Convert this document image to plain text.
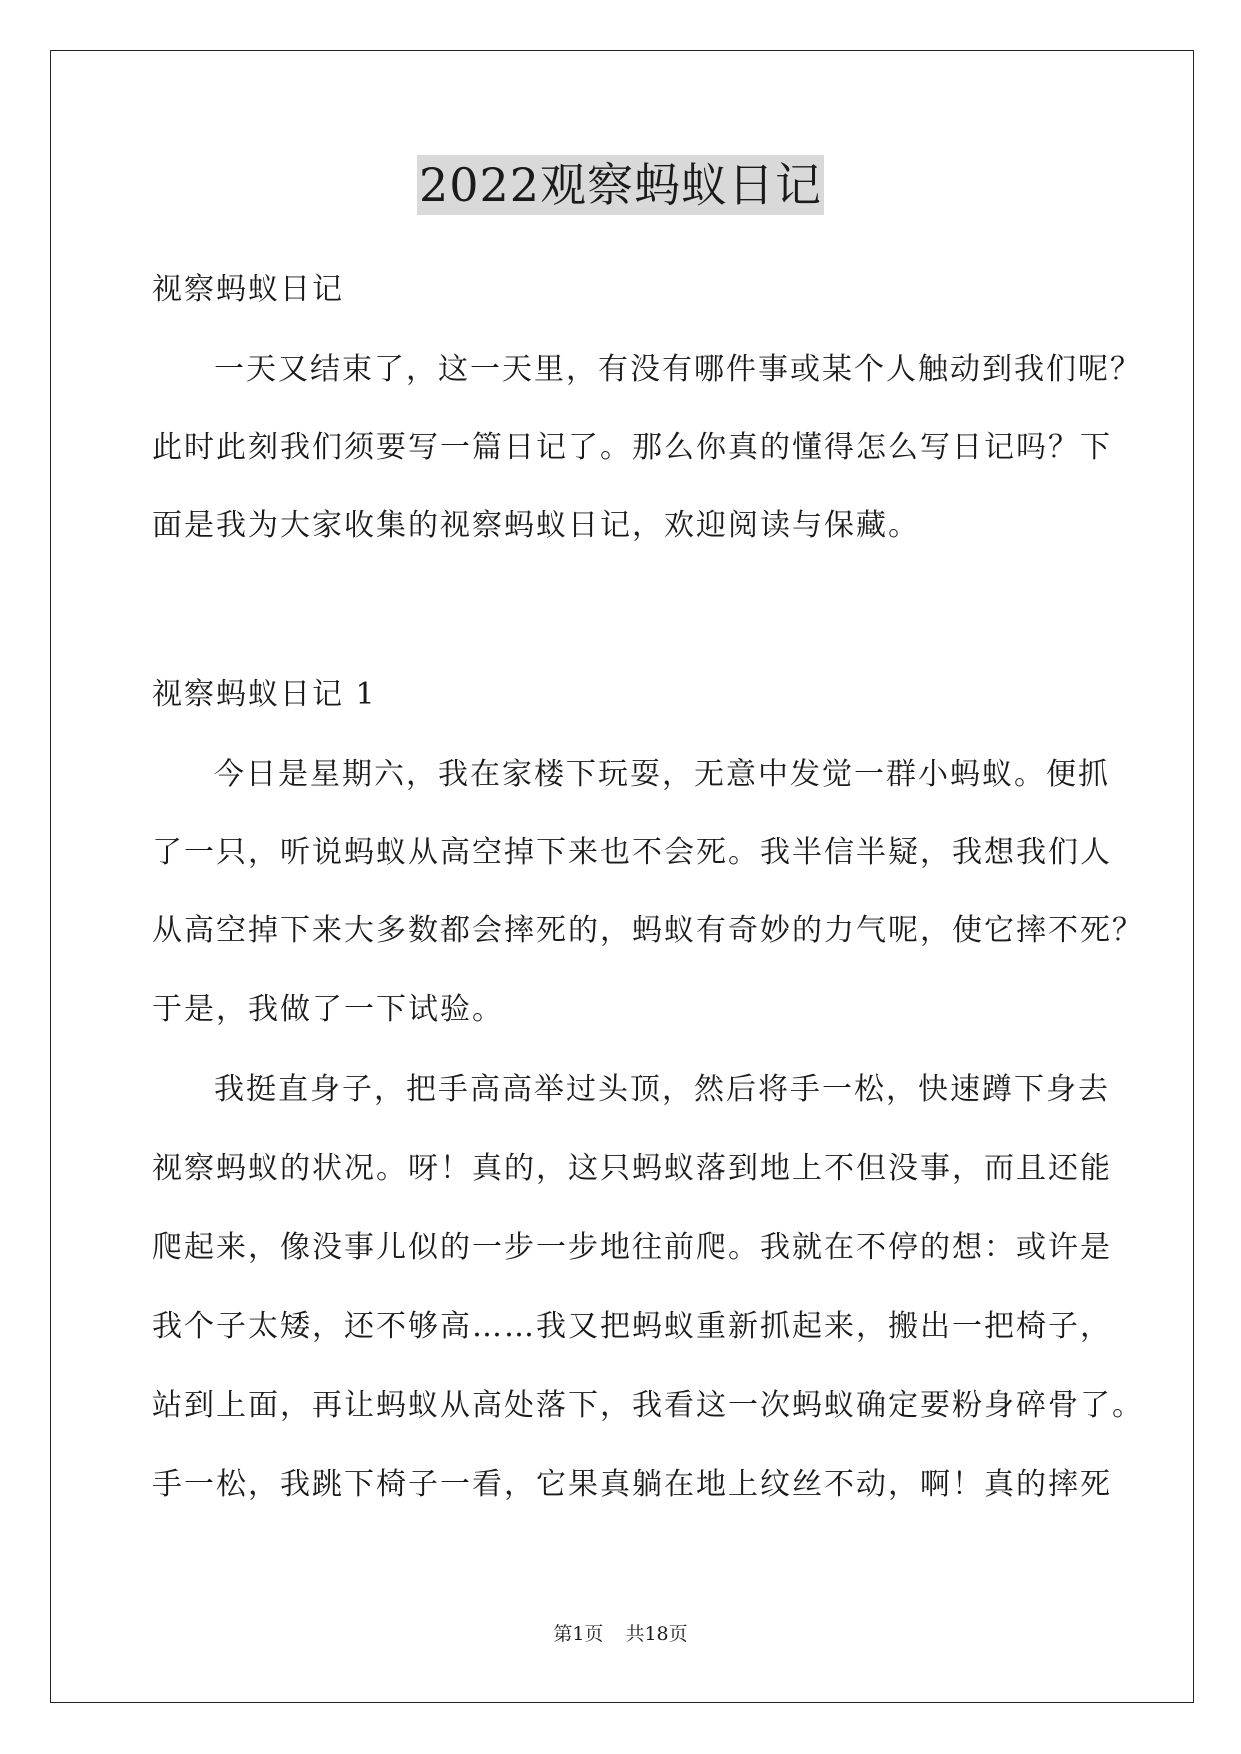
2022观察蚂蚁日记
视察蚂蚁日记
一天又结束了，这一天里，有没有哪件事或某个人触动到我们呢？
此时此刻我们须要写一篇日记了。那么你真的懂得怎么写日记吗？下
面是我为大家收集的视察蚂蚁日记，欢迎阅读与保藏。
视察蚂蚁日记 1
今日是星期六，我在家楼下玩耍，无意中发觉一群小蚂蚁。便抓
了一只，听说蚂蚁从高空掉下来也不会死。我半信半疑，我想我们人
从高空掉下来大多数都会摔死的，蚂蚁有奇妙的力气呢，使它摔不死？
于是，我做了一下试验。
我挺直身子，把手高高举过头顶，然后将手一松，快速蹲下身去
视察蚂蚁的状况。呀！真的，这只蚂蚁落到地上不但没事，而且还能
爬起来，像没事儿似的一步一步地往前爬。我就在不停的想：或许是
我个子太矮，还不够高……我又把蚂蚁重新抓起来，搬出一把椅子，
站到上面，再让蚂蚁从高处落下，我看这一次蚂蚁确定要粉身碎骨了。
手一松，我跳下椅子一看，它果真躺在地上纹丝不动，啊！真的摔死
第1页 共18页
